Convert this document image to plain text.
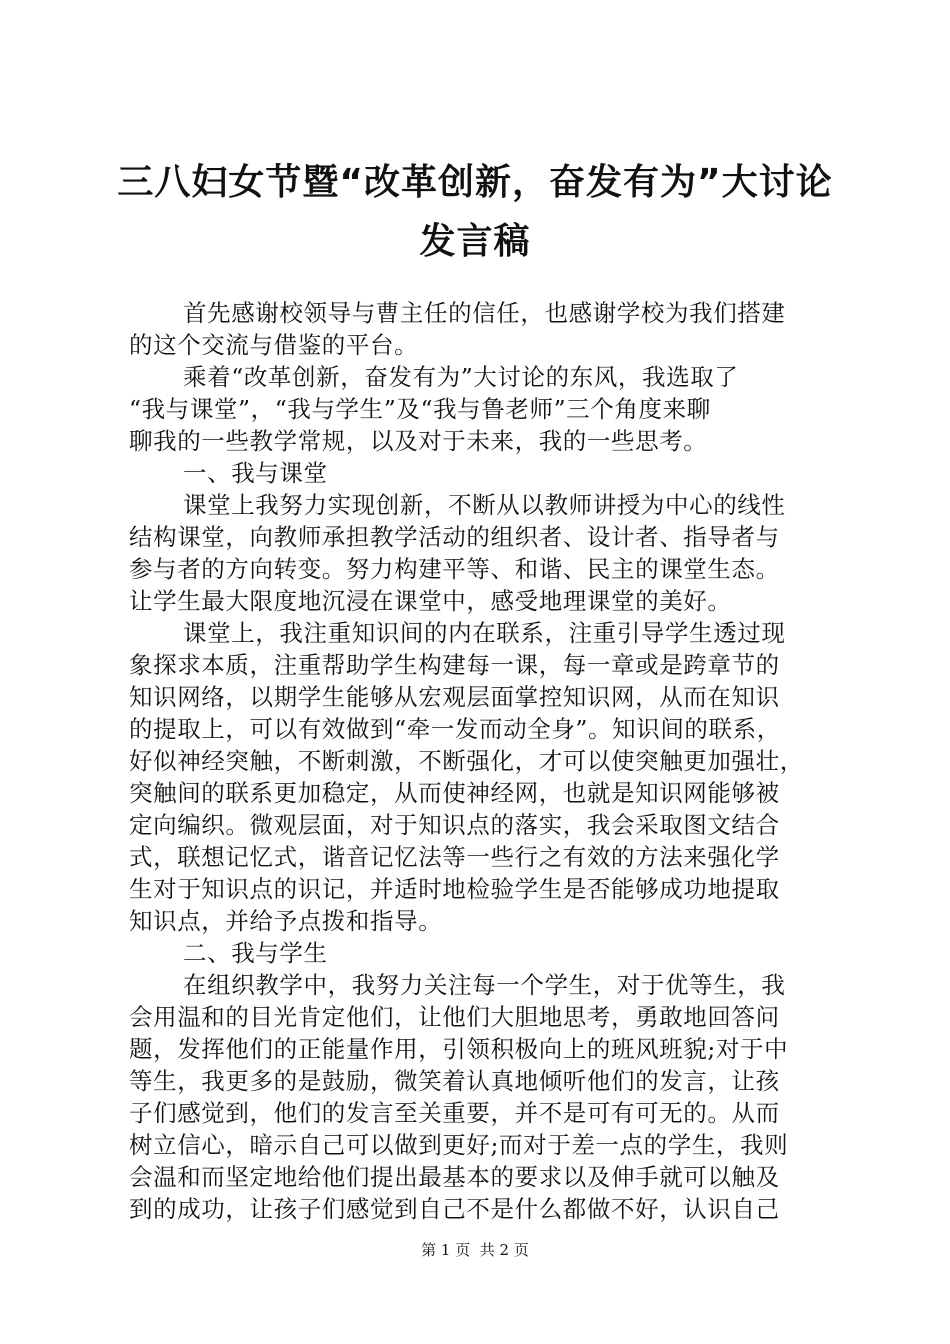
三八妇女节暨“改革创新，奋发有为”大讨论
发言稿
首先感谢校领导与曹主任的信任，也感谢学校为我们搭建
的这个交流与借鉴的平台。
乘着“改革创新，奋发有为”大讨论的东风，我选取了
“我与课堂”，“我与学生”及“我与鲁老师”三个角度来聊
聊我的一些教学常规，以及对于未来，我的一些思考。
一、我与课堂
课堂上我努力实现创新，不断从以教师讲授为中心的线性
结构课堂，向教师承担教学活动的组织者、设计者、指导者与
参与者的方向转变。努力构建平等、和谐、民主的课堂生态。
让学生最大限度地沉浸在课堂中，感受地理课堂的美好。
课堂上，我注重知识间的内在联系，注重引导学生透过现
象探求本质，注重帮助学生构建每一课，每一章或是跨章节的
知识网络，以期学生能够从宏观层面掌控知识网，从而在知识
的提取上，可以有效做到“牵一发而动全身”。知识间的联系，
好似神经突触，不断刺激，不断强化，才可以使突触更加强壮，
突触间的联系更加稳定，从而使神经网，也就是知识网能够被
定向编织。微观层面，对于知识点的落实，我会采取图文结合
式，联想记忆式，谐音记忆法等一些行之有效的方法来强化学
生对于知识点的识记，并适时地检验学生是否能够成功地提取
知识点，并给予点拨和指导。
二、我与学生
在组织教学中，我努力关注每一个学生，对于优等生，我
会用温和的目光肯定他们，让他们大胆地思考，勇敢地回答问
题，发挥他们的正能量作用，引领积极向上的班风班貌;对于中
等生，我更多的是鼓励，微笑着认真地倾听他们的发言，让孩
子们感觉到，他们的发言至关重要，并不是可有可无的。从而
树立信心，暗示自己可以做到更好;而对于差一点的学生，我则
会温和而坚定地给他们提出最基本的要求以及伸手就可以触及
到的成功，让孩子们感觉到自己不是什么都做不好，认识自己
第 1 页  共 2 页
